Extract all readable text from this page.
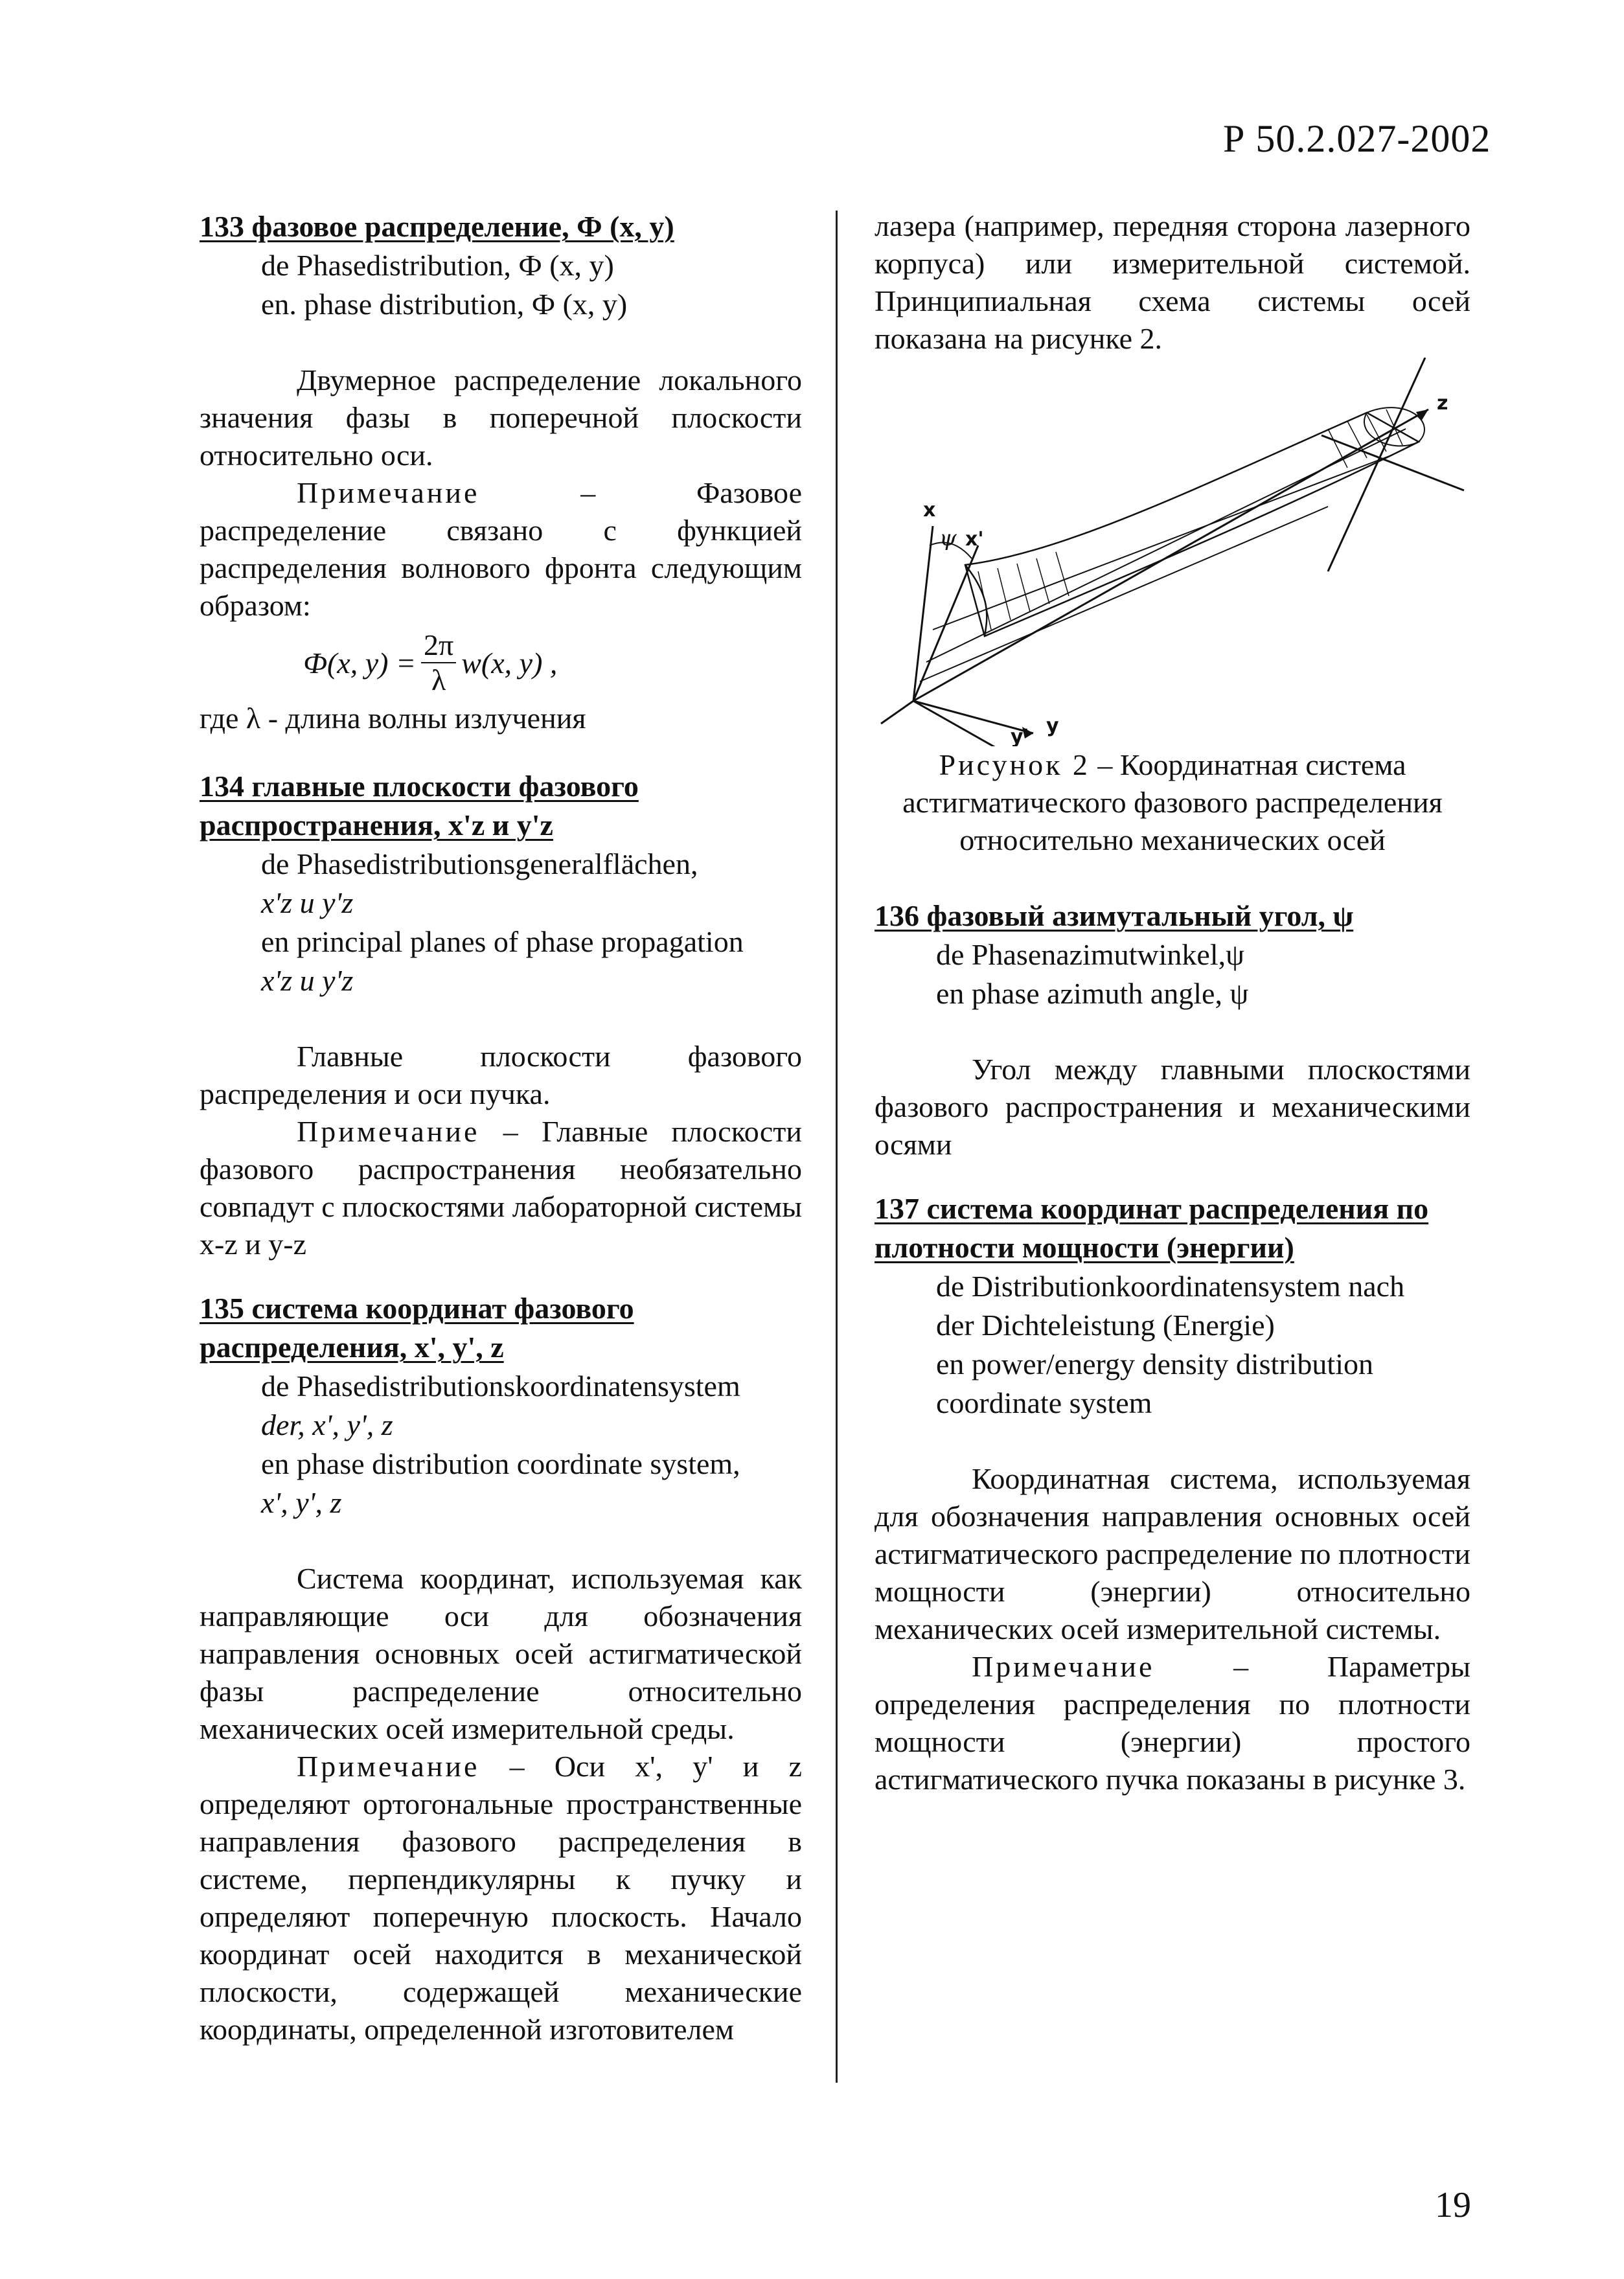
Р 50.2.027-2002

133 фазовое распределение, Ф (x, y)

de Phasedistribution, Ф (x, y)

en. phase distribution, Ф (x, y)

Двумерное распределение локального значения фазы в поперечной плоскости относительно оси.

Примечание – Фазовое распределение связано с функцией распределения волнового фронта следующим образом:

Ф(x, $y) = \frac{2\pi}{\lambda} w(x$, y) ,

где λ - длина волны излучения

134 главные плоскости фазового распространения, x'z и y'z

de Phasedistributionsgeneralflächen,

x'z и y'z

en principal planes of phase propagation

x'z и y'z

Главные плоскости фазового распределения и оси пучка.

Примечание – Главные плоскости фазового распространения необязательно совпадут с плоскостями лабораторной системы x-z и y-z

135 система координат фазового распределения, x', y', z

de Phasedistributionskoordinatensystem

der, x', y', z

en phase distribution coordinate system,

x', y', z

Система координат, используемая как направляющие оси для обозначения направления основных осей астигматической фазы распределение относительно механических осей измерительной среды.

Примечание – Оси x', y' и z определяют ортогональные пространственные направления фазового распределения в системе, перпендикулярны к пучку и определяют поперечную плоскость. Начало координат осей находится в механической плоскости, содержащей механические координаты, определенной изготовителем

лазера (например, передняя сторона лазерного корпуса) или измерительной системой. Принципиальная схема системы осей показана на рисунке 2.

x
ψ x'
z
y
y'

Рисунок 2 – Координатная система астигматического фазового распределения относительно механических осей

136 фазовый азимутальный угол, ψ

de Phasenazimutwinkel,ψ

en phase azimuth angle, ψ

Угол между главными плоскостями фазового распространения и механическими осями

137 система координат распределения по плотности мощности (энергии)

de Distributionkoordinatensystem nach

der Dichteleistung (Energie)

en power/energy density distribution

coordinate system

Координатная система, используемая для обозначения направления основных осей астигматического распределение по плотности мощности (энергии) относительно механических осей измерительной системы.

Примечание – Параметры определения распределения по плотности мощности (энергии) простого астигматического пучка показаны в рисунке 3.

19
